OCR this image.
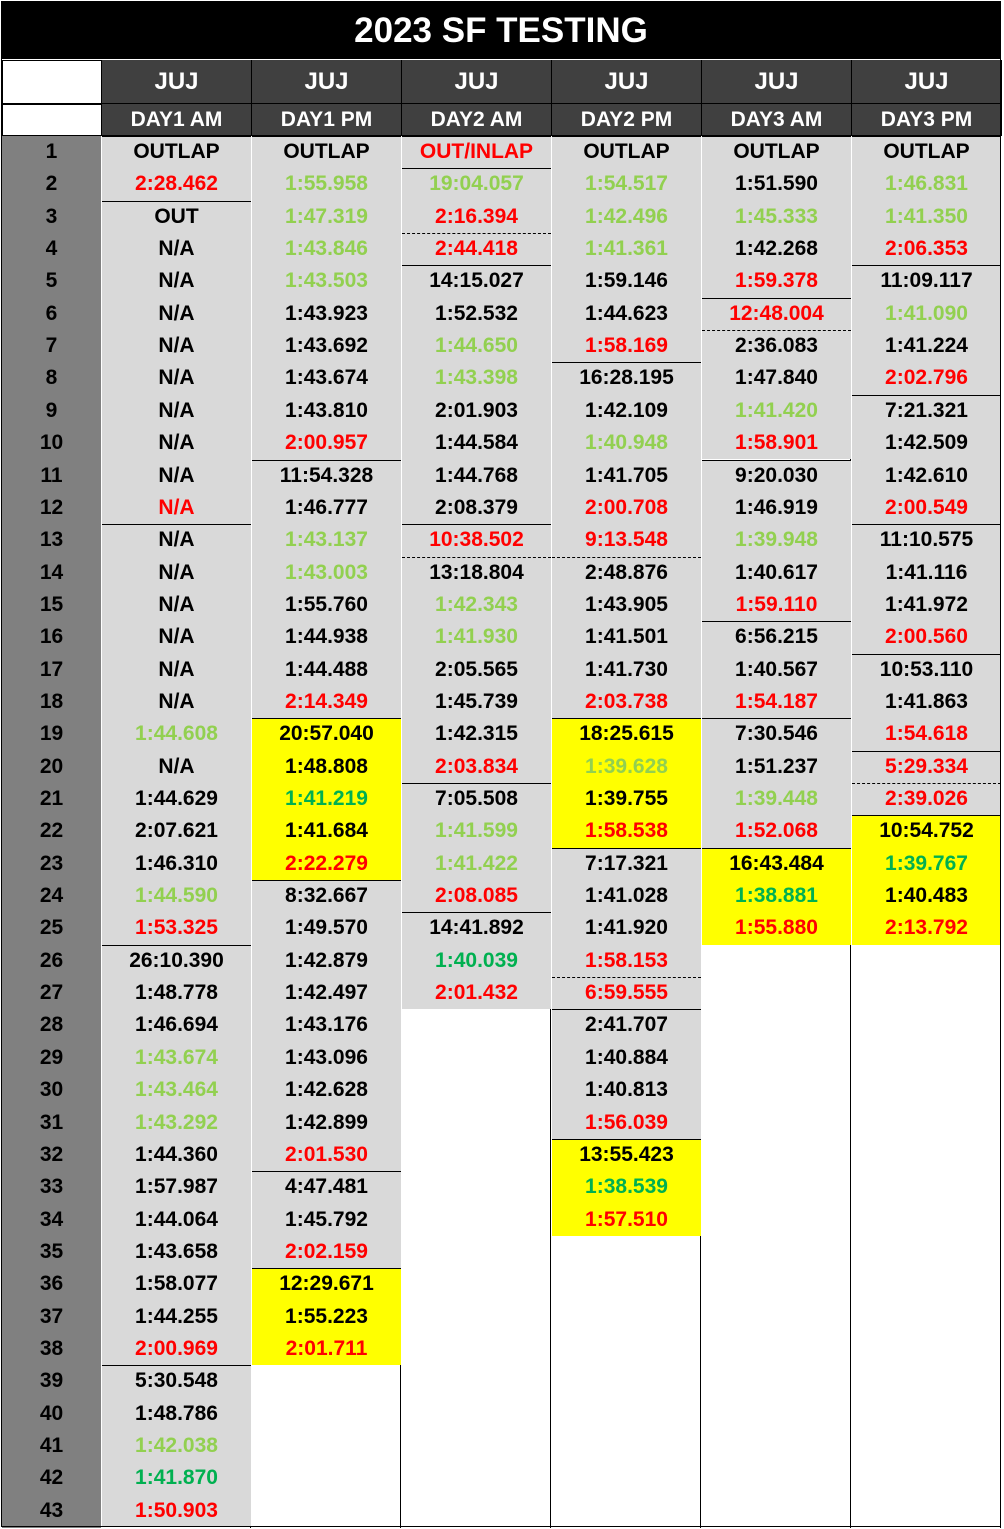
2023 SF TESTING
JUJ
DAY1 AM
JUJ
DAY1 PM
JUJ
DAY2 AM
JUJ
DAY2 PM
JUJ
DAY3 AM
JUJ
DAY3 PM
1
2
3
4
5
6
7
8
9
10
11
12
13
14
15
16
17
18
19
20
21
22
23
24
25
26
27
28
29
30
31
32
33
34
35
36
37
38
39
40
41
42
43
OUTLAP
2:28.462
OUT
N/A
N/A
N/A
N/A
N/A
N/A
N/A
N/A
N/A
N/A
N/A
N/A
N/A
N/A
N/A
1:44.608
N/A
1:44.629
2:07.621
1:46.310
1:44.590
1:53.325
26:10.390
1:48.778
1:46.694
1:43.674
1:43.464
1:43.292
1:44.360
1:57.987
1:44.064
1:43.658
1:58.077
1:44.255
2:00.969
5:30.548
1:48.786
1:42.038
1:41.870
1:50.903
OUTLAP
1:55.958
1:47.319
1:43.846
1:43.503
1:43.923
1:43.692
1:43.674
1:43.810
2:00.957
11:54.328
1:46.777
1:43.137
1:43.003
1:55.760
1:44.938
1:44.488
2:14.349
20:57.040
1:48.808
1:41.219
1:41.684
2:22.279
8:32.667
1:49.570
1:42.879
1:42.497
1:43.176
1:43.096
1:42.628
1:42.899
2:01.530
4:47.481
1:45.792
2:02.159
12:29.671
1:55.223
2:01.711
OUT/INLAP
19:04.057
2:16.394
2:44.418
14:15.027
1:52.532
1:44.650
1:43.398
2:01.903
1:44.584
1:44.768
2:08.379
10:38.502
13:18.804
1:42.343
1:41.930
2:05.565
1:45.739
1:42.315
2:03.834
7:05.508
1:41.599
1:41.422
2:08.085
14:41.892
1:40.039
2:01.432
OUTLAP
1:54.517
1:42.496
1:41.361
1:59.146
1:44.623
1:58.169
16:28.195
1:42.109
1:40.948
1:41.705
2:00.708
9:13.548
2:48.876
1:43.905
1:41.501
1:41.730
2:03.738
18:25.615
1:39.628
1:39.755
1:58.538
7:17.321
1:41.028
1:41.920
1:58.153
6:59.555
2:41.707
1:40.884
1:40.813
1:56.039
13:55.423
1:38.539
1:57.510
OUTLAP
1:51.590
1:45.333
1:42.268
1:59.378
12:48.004
2:36.083
1:47.840
1:41.420
1:58.901
9:20.030
1:46.919
1:39.948
1:40.617
1:59.110
6:56.215
1:40.567
1:54.187
7:30.546
1:51.237
1:39.448
1:52.068
16:43.484
1:38.881
1:55.880
OUTLAP
1:46.831
1:41.350
2:06.353
11:09.117
1:41.090
1:41.224
2:02.796
7:21.321
1:42.509
1:42.610
2:00.549
11:10.575
1:41.116
1:41.972
2:00.560
10:53.110
1:41.863
1:54.618
5:29.334
2:39.026
10:54.752
1:39.767
1:40.483
2:13.792
